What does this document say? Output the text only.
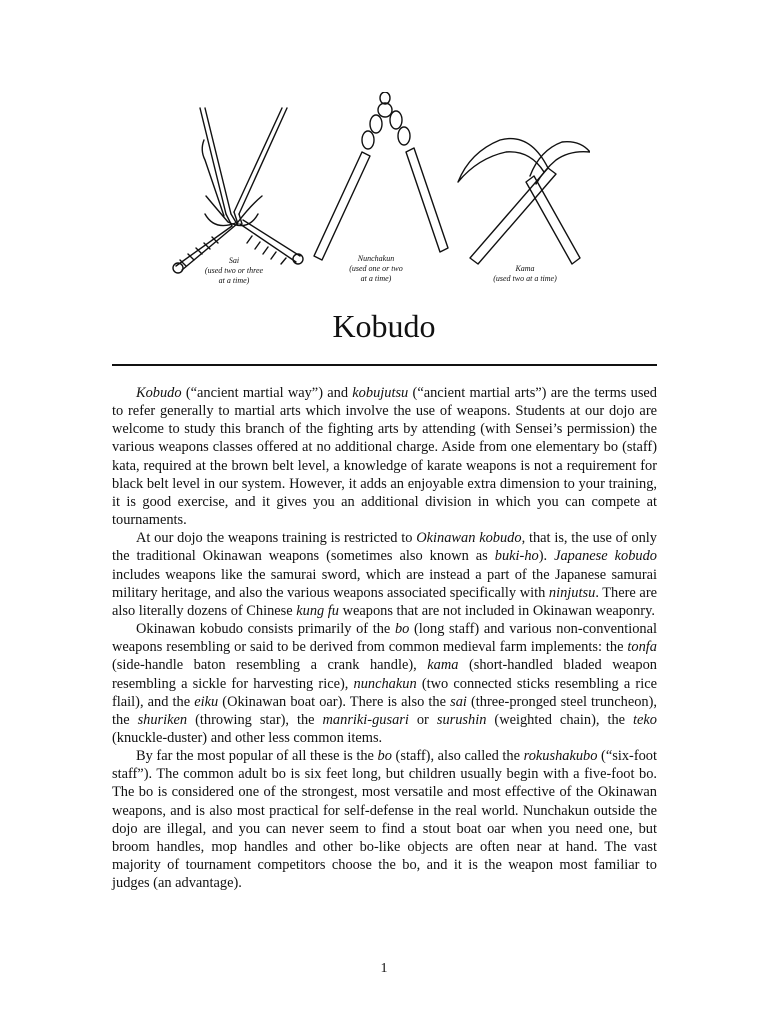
Sai
(used two or three
at a time)
Nunchakun
(used one or two
at a time)
Kama
(used two at a time)
Kobudo

Kobudo (“ancient martial way”) and kobujutsu (“ancient martial arts”) are the terms used to refer generally to martial arts which involve the use of weapons. Students at our dojo are welcome to study this branch of the fighting arts by attending (with Sensei’s permission) the various weapons classes offered at no additional charge. Aside from one elementary bo (staff) kata, required at the brown belt level, a knowledge of karate weapons is not a requirement for black belt level in our system. However, it adds an enjoyable extra dimension to your training, it is good exercise, and it gives you an additional division in which you can compete at tournaments.

At our dojo the weapons training is restricted to Okinawan kobudo, that is, the use of only the traditional Okinawan weapons (sometimes also known as buki-ho). Japanese kobudo includes weapons like the samurai sword, which are instead a part of the Japanese samurai military heritage, and also the various weapons associated specifically with ninjutsu. There are also literally dozens of Chinese kung fu weapons that are not included in Okinawan weaponry.

Okinawan kobudo consists primarily of the bo (long staff) and various non-conventional weapons resembling or said to be derived from common medieval farm implements: the tonfa (side-handle baton resembling a crank handle), kama (short-handled bladed weapon resembling a sickle for harvesting rice), nunchakun (two connected sticks resembling a rice flail), and the eiku (Okinawan boat oar). There is also the sai (three-pronged steel truncheon), the shuriken (throwing star), the manriki-gusari or surushin (weighted chain), the teko (knuckle-duster) and other less common items.

By far the most popular of all these is the bo (staff), also called the rokushakubo (“six-foot staff”). The common adult bo is six feet long, but children usually begin with a five-foot bo. The bo is considered one of the strongest, most versatile and most effective of the Okinawan weapons, and is also most practical for self-defense in the real world. Nunchakun outside the dojo are illegal, and you can never seem to find a stout boat oar when you need one, but broom handles, mop handles and other bo-like objects are often near at hand. The vast majority of tournament competitors choose the bo, and it is the weapon most familiar to judges (an advantage).

1
